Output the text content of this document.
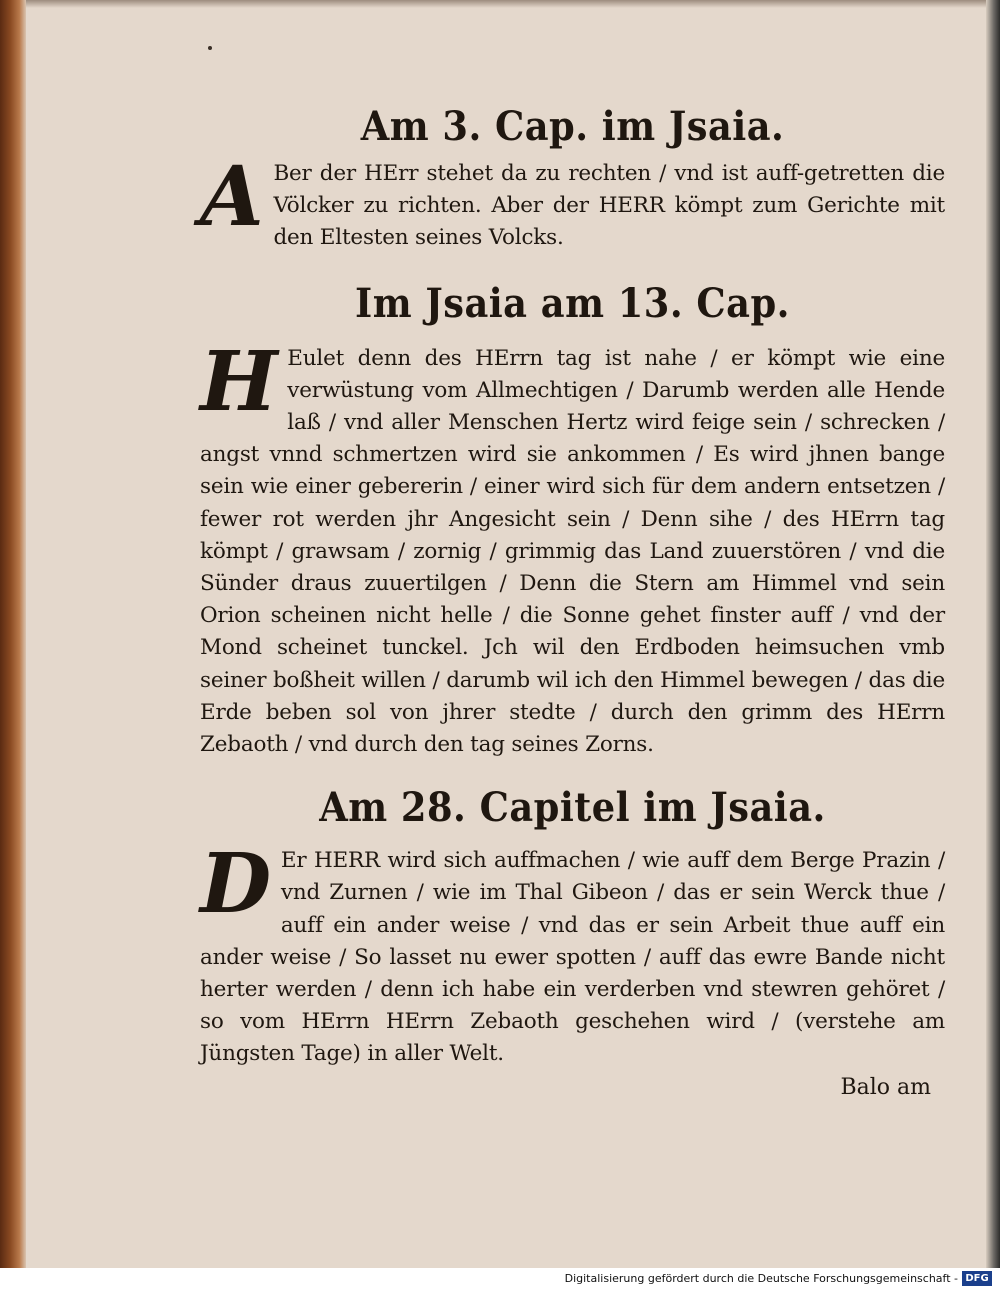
Am 3. Cap. im Jsaia.

A Ber der HErr stehet da zu rechten / vnd ist auff-getretten die Völcker zu richten. Aber der HERR kömpt zum Gerichte mit den Eltesten seines Volcks.

Im Jsaia am 13. Cap.

H Eulet denn des HErrn tag ist nahe / er kömpt wie eine verwüstung vom Allmechtigen / Darumb werden alle Hende laß / vnd aller Menschen Hertz wird feige sein / schrecken / angst vnnd schmertzen wird sie ankommen / Es wird jhnen bange sein wie einer gebererin / einer wird sich für dem andern entsetzen / fewer rot werden jhr Angesicht sein / Denn sihe / des HErrn tag kömpt / grawsam / zornig / grimmig das Land zuuerstören / vnd die Sünder draus zuuertilgen / Denn die Stern am Himmel vnd sein Orion scheinen nicht helle / die Sonne gehet finster auff / vnd der Mond scheinet tunckel. Jch wil den Erdboden heimsuchen vmb seiner boßheit willen / darumb wil ich den Himmel bewegen / das die Erde beben sol von jhrer stedte / durch den grimm des HErrn Zebaoth / vnd durch den tag seines Zorns.

Am 28. Capitel im Jsaia.

D Er HERR wird sich auffmachen / wie auff dem Berge Prazin / vnd Zurnen / wie im Thal Gibeon / das er sein Werck thue / auff ein ander weise / vnd das er sein Arbeit thue auff ein ander weise / So lasset nu ewer spotten / auff das ewre Bande nicht herter werden / denn ich habe ein verderben vnd stewren gehöret / so vom HErrn HErrn Zebaoth geschehen wird / (verstehe am Jüngsten Tage) in aller Welt.

Balo am
Digitalisierung gefördert durch die Deutsche Forschungsgemeinschaft - DFG
